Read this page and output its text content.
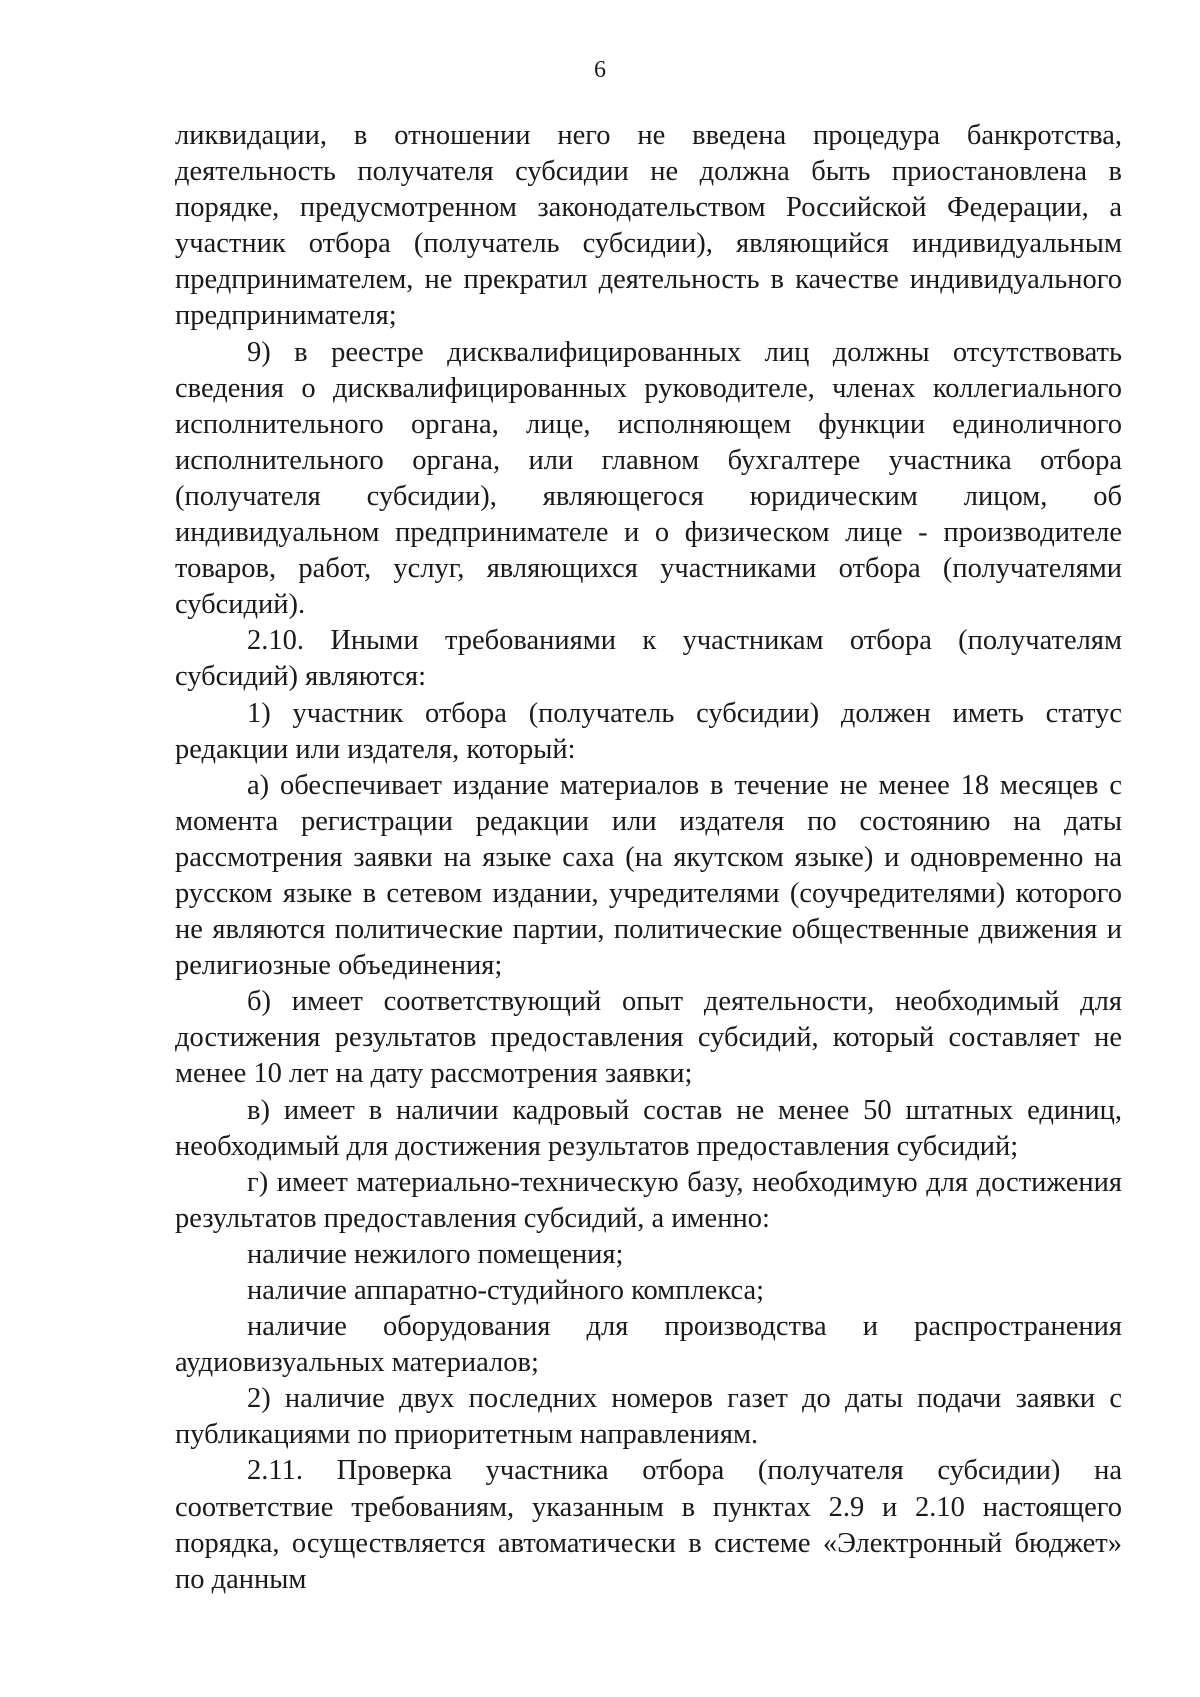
6

ликвидации, в отношении него не введена процедура банкротства, деятельность получателя субсидии не должна быть приостановлена в порядке, предусмотренном законодательством Российской Федерации, а участник отбора (получатель субсидии), являющийся индивидуальным предпринимателем, не прекратил деятельность в качестве индивидуального предпринимателя;

9) в реестре дисквалифицированных лиц должны отсутствовать сведения о дисквалифицированных руководителе, членах коллегиального исполнительного органа, лице, исполняющем функции единоличного исполнительного органа, или главном бухгалтере участника отбора (получателя субсидии), являющегося юридическим лицом, об индивидуальном предпринимателе и о физическом лице - производителе товаров, работ, услуг, являющихся участниками отбора (получателями субсидий).

2.10. Иными требованиями к участникам отбора (получателям субсидий) являются:

1) участник отбора (получатель субсидии) должен иметь статус редакции или издателя, который:

а) обеспечивает издание материалов в течение не менее 18 месяцев с момента регистрации редакции или издателя по состоянию на даты рассмотрения заявки на языке саха (на якутском языке) и одновременно на русском языке в сетевом издании, учредителями (соучредителями) которого не являются политические партии, политические общественные движения и религиозные объединения;

б) имеет соответствующий опыт деятельности, необходимый для достижения результатов предоставления субсидий, который составляет не менее 10 лет на дату рассмотрения заявки;

в) имеет в наличии кадровый состав не менее 50 штатных единиц, необходимый для достижения результатов предоставления субсидий;

г) имеет материально-техническую базу, необходимую для достижения результатов предоставления субсидий, а именно:

наличие нежилого помещения;

наличие аппаратно-студийного комплекса;

наличие оборудования для производства и распространения аудиовизуальных материалов;

2) наличие двух последних номеров газет до даты подачи заявки с публикациями по приоритетным направлениям.

2.11. Проверка участника отбора (получателя субсидии) на соответствие требованиям, указанным в пунктах 2.9 и 2.10 настоящего порядка, осуществляется автоматически в системе «Электронный бюджет» по данным
